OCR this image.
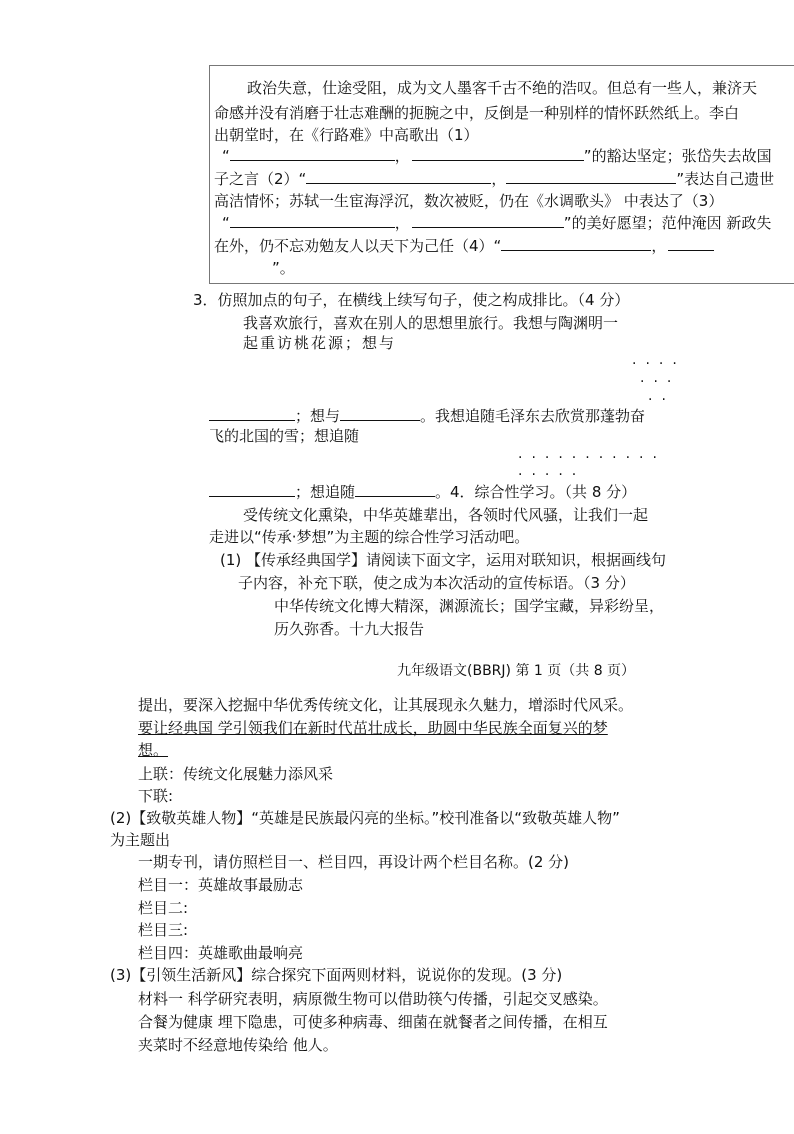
政治失意，仕途受阻，成为文人墨客千古不绝的浩叹。但总有一些人，兼济天
命感并没有消磨于壮志难酬的扼腕之中，反倒是一种别样的情怀跃然纸上。李白
出朝堂时，在《行路难》中高歌出（1）
“	，	”的豁达坚定；张岱失去故国
子之言（2）“	，	”表达自己遗世
高洁情怀；苏轼一生宦海浮沉，数次被贬，仍在《水调歌头》 中表达了（3）
“	，	”的美好愿望；范仲淹因 新政失
在外，仍不忘劝勉友人以天下为己任（4）“	，
”。
3．仿照加点的句子，在横线上续写句子，使之构成排比。（4 分）
我喜欢旅行，喜欢在别人的思想里旅行。我想与陶渊明一
起重访桃花源；想与
....
...
..
；想与	。我想追随毛泽东去欣赏那蓬勃奋
飞的北国的雪；想追随
...........
.....
；想追随	。4．综合性学习。（共 8 分）
受传统文化熏染，中华英雄辈出，各领时代风骚，让我们一起
走进以“传承·梦想”为主题的综合性学习活动吧。
(1) 【传承经典国学】请阅读下面文字，运用对联知识，根据画线句
子内容，补充下联，使之成为本次活动的宣传标语。（3 分）
中华传统文化博大精深，渊源流长；国学宝藏，异彩纷呈，
历久弥香。十九大报告
九年级语文(BBRJ) 第 1 页（共 8 页）
提出，要深入挖掘中华优秀传统文化，让其展现永久魅力，增添时代风采。
要让经典国 学引领我们在新时代茁壮成长，助圆中华民族全面复兴的梦
想。
上联：传统文化展魅力添风采
下联:
(2)【致敬英雄人物】“英雄是民族最闪亮的坐标。”校刊准备以“致敬英雄人物”
为主题出
一期专刊，请仿照栏目一、栏目四，再设计两个栏目名称。(2 分)
栏目一：英雄故事最励志
栏目二:
栏目三:
栏目四：英雄歌曲最响亮
(3)【引领生活新风】综合探究下面两则材料，说说你的发现。(3 分)
材料一 科学研究表明，病原微生物可以借助筷勺传播，引起交叉感染。
合餐为健康 埋下隐患，可使多种病毒、细菌在就餐者之间传播，在相互
夹菜时不经意地传染给 他人。
